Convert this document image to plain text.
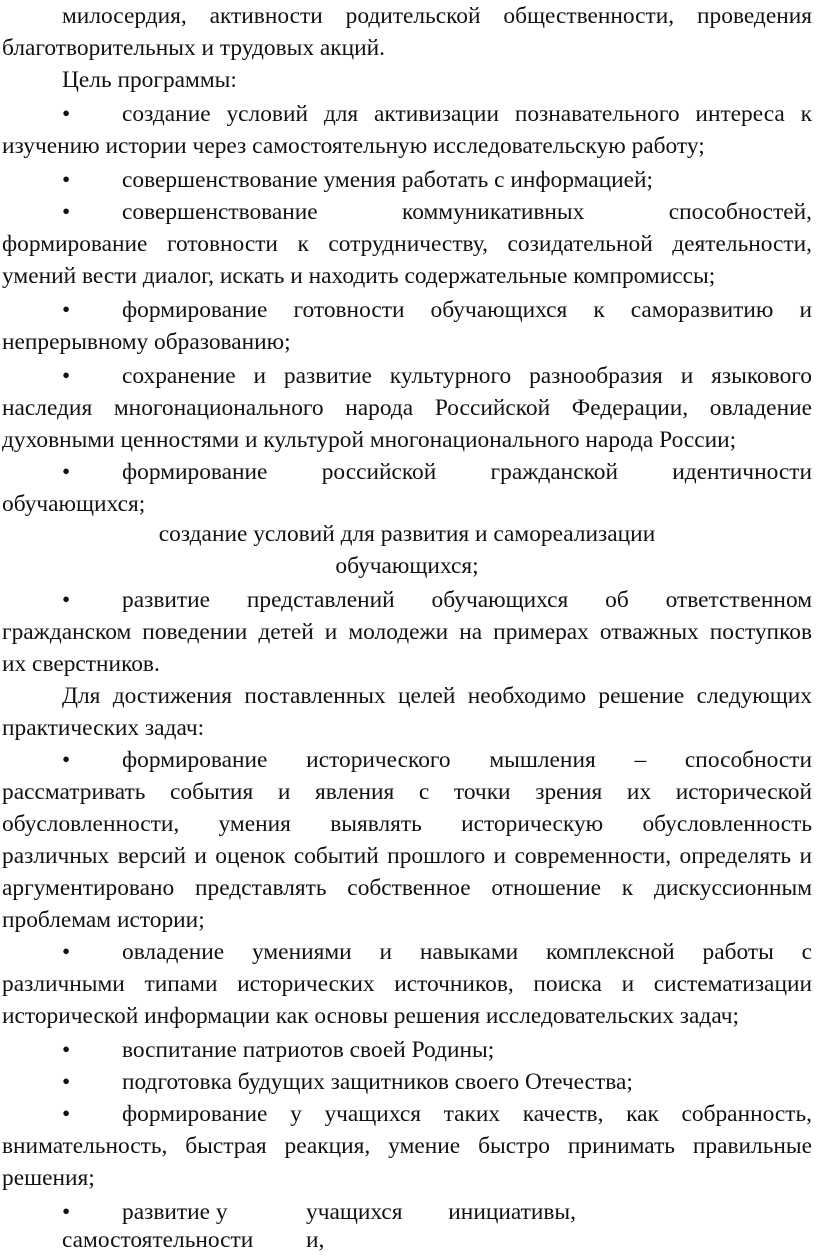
милосердия, активности родительской общественности, проведения
благотворительных и трудовых акций.
Цель программы:
• создание условий для активизации познавательного интереса к
изучению истории через самостоятельную исследовательскую работу;
• совершенствование умения работать с информацией;
• совершенствование коммуникативных способностей,
формирование готовности к сотрудничеству, созидательной деятельности,
умений вести диалог, искать и находить содержательные компромиссы;
• формирование готовности обучающихся к саморазвитию и
непрерывному образованию;
• сохранение и развитие культурного разнообразия и языкового
наследия многонационального народа Российской Федерации, овладение
духовными ценностями и культурой многонационального народа России;
• формирование российской гражданской идентичности
обучающихся;
создание условий для развития и самореализации
обучающихся;
• развитие представлений обучающихся об ответственном
гражданском поведении детей и молодежи на примерах отважных поступков
их сверстников.
Для достижения поставленных целей необходимо решение следующих
практических задач:
• формирование исторического мышления – способности
рассматривать события и явления с точки зрения их исторической
обусловленности, умения выявлять историческую обусловленность
различных версий и оценок событий прошлого и современности, определять и
аргументировано представлять собственное отношение к дискуссионным
проблемам истории;
• овладение умениями и навыками комплексной работы с
различными типами исторических источников, поиска и систематизации
исторической информации как основы решения исследовательских задач;
• воспитание патриотов своей Родины;
• подготовка будущих защитников своего Отечества;
• формирование у учащихся таких качеств, как собранность,
внимательность, быстрая реакция, умение быстро принимать правильные
решения;
• развитие у	учащихся инициативы,
самостоятельности	и,
